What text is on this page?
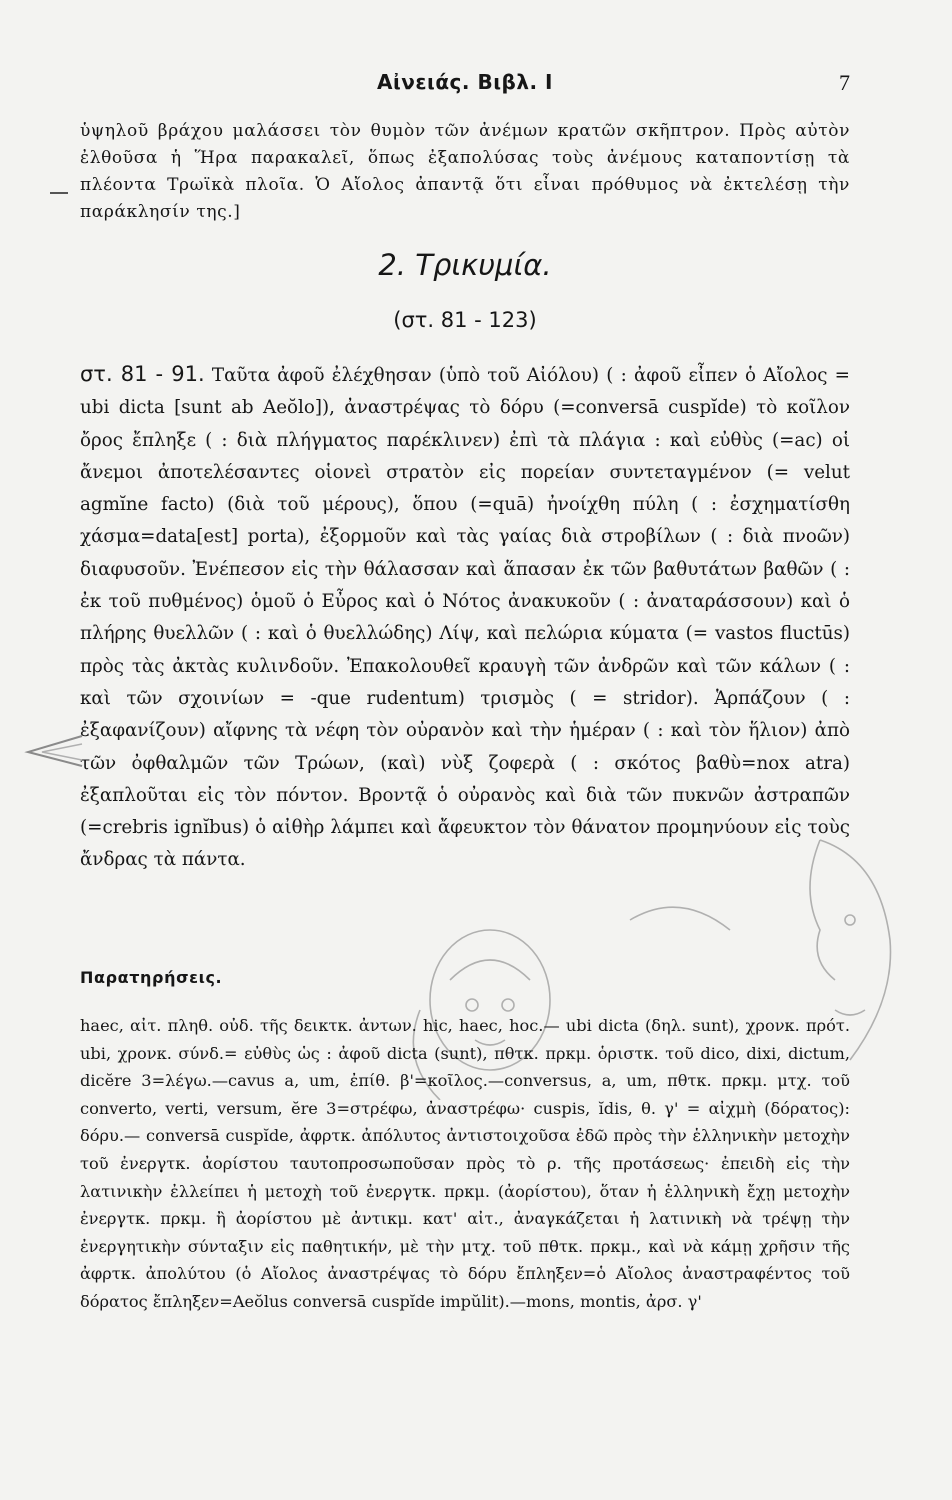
Αἰνειάς. Βιβλ. Ι	7
ὑψηλοῦ βράχου μαλάσσει τὸν θυμὸν τῶν ἀνέμων κρατῶν σκῆπτρον. Πρὸς αὐτὸν ἐλθοῦσα ἡ Ἥρα παρακαλεῖ, ὅπως ἐξαπολύσας τοὺς ἀνέμους καταποντίσῃ τὰ πλέοντα Τρωϊκὰ πλοῖα. Ὁ Αἴολος ἀπαντᾷ ὅτι εἶναι πρόθυμος νὰ ἐκτελέσῃ τὴν παράκλησίν της.]
2. Τρικυμία.
(στ. 81 - 123)
στ. 81 - 91. Ταῦτα ἀφοῦ ἐλέχθησαν (ὑπὸ τοῦ Αἰόλου) ( : ἀφοῦ εἶπεν ὁ Αἴολος = ubi dicta [sunt ab Aeŏlo]), ἀναστρέψας τὸ δόρυ (=conversā cuspĭde) τὸ κοῖλον ὄρος ἔπληξε ( : διὰ πλήγματος παρέκλινεν) ἐπὶ τὰ πλάγια : καὶ εὐθὺς (=ac) οἱ ἄνεμοι ἀποτελέσαντες οἱονεὶ στρατὸν εἰς πορείαν συντεταγμένον (= velut agmĭne facto) (διὰ τοῦ μέρους), ὅπου (=quā) ἠνοίχθη πύλη ( : ἐσχηματίσθη χάσμα=data[est] porta), ἐξορμοῦν καὶ τὰς γαίας διὰ στροβίλων ( : διὰ πνοῶν) διαφυσοῦν. Ἐνέπεσον εἰς τὴν θάλασσαν καὶ ἅπασαν ἐκ τῶν βαθυτάτων βαθῶν ( : ἐκ τοῦ πυθμένος) ὁμοῦ ὁ Εὖρος καὶ ὁ Νότος ἀνακυκοῦν ( : ἀναταράσσουν) καὶ ὁ πλήρης θυελλῶν ( : καὶ ὁ θυελλώδης) Λίψ, καὶ πελώρια κύματα (= vastos fluctūs) πρὸς τὰς ἀκτὰς κυλινδοῦν. Ἐπακολουθεῖ κραυγὴ τῶν ἀνδρῶν καὶ τῶν κάλων ( : καὶ τῶν σχοινίων = -que rudentum) τρισμὸς ( = stridor). Ἁρπάζουν ( : ἐξαφανίζουν) αἴφνης τὰ νέφη τὸν οὐρανὸν καὶ τὴν ἡμέραν ( : καὶ τὸν ἥλιον) ἀπὸ τῶν ὀφθαλμῶν τῶν Τρώων, (καὶ) νὺξ ζοφερὰ ( : σκότος βαθὺ=nox atra) ἐξαπλοῦται εἰς τὸν πόντον. Βροντᾷ ὁ οὐρανὸς καὶ διὰ τῶν πυκνῶν ἀστραπῶν (=crebris ignĭbus) ὁ αἰθὴρ λάμπει καὶ ἄφευκτον τὸν θάνατον προμηνύουν εἰς τοὺς ἄνδρας τὰ πάντα.
Παρατηρήσεις.
haec, αἰτ. πληθ. οὐδ. τῆς δεικτκ. ἀντων. hic, haec, hoc.— ubi dicta (δηλ. sunt), χρονκ. πρότ. ubi, χρονκ. σύνδ.= εὐθὺς ὡς : ἀφοῦ dicta (sunt), πθτκ. πρκμ. ὁριστκ. τοῦ dico, dixi, dictum, dicĕre 3=λέγω.—cavus a, um, ἐπίθ. β'=κοῖλος.—conversus, a, um, πθτκ. πρκμ. μτχ. τοῦ converto, verti, versum, ĕre 3=στρέφω, ἀναστρέφω· cuspis, ĭdis, θ. γ' = αἰχμὴ (δόρατος): δόρυ.— conversā cuspĭde, ἀφρτκ. ἀπόλυτος ἀντιστοιχοῦσα ἐδῶ πρὸς τὴν ἑλληνικὴν μετοχὴν τοῦ ἐνεργτκ. ἀορίστου ταυτοπροσωποῦσαν πρὸς τὸ ρ. τῆς προτάσεως· ἐπειδὴ εἰς τὴν λατινικὴν ἐλλείπει ἡ μετοχὴ τοῦ ἐνεργτκ. πρκμ. (ἀορίστου), ὅταν ἡ ἑλληνικὴ ἔχῃ μετοχὴν ἐνεργτκ. πρκμ. ἢ ἀορίστου μὲ ἀντικμ. κατ' αἰτ., ἀναγκάζεται ἡ λατινικὴ νὰ τρέψῃ τὴν ἐνεργητικὴν σύνταξιν εἰς παθητικήν, μὲ τὴν μτχ. τοῦ πθτκ. πρκμ., καὶ νὰ κάμῃ χρῆσιν τῆς ἀφρτκ. ἀπολύτου (ὁ Αἴολος ἀναστρέψας τὸ δόρυ ἔπληξεν=ὁ Αἴολος ἀναστραφέντος τοῦ δόρατος ἔπληξεν=Aeŏlus conversā cuspĭde impŭlit).—mons, montis, ἀρσ. γ'
